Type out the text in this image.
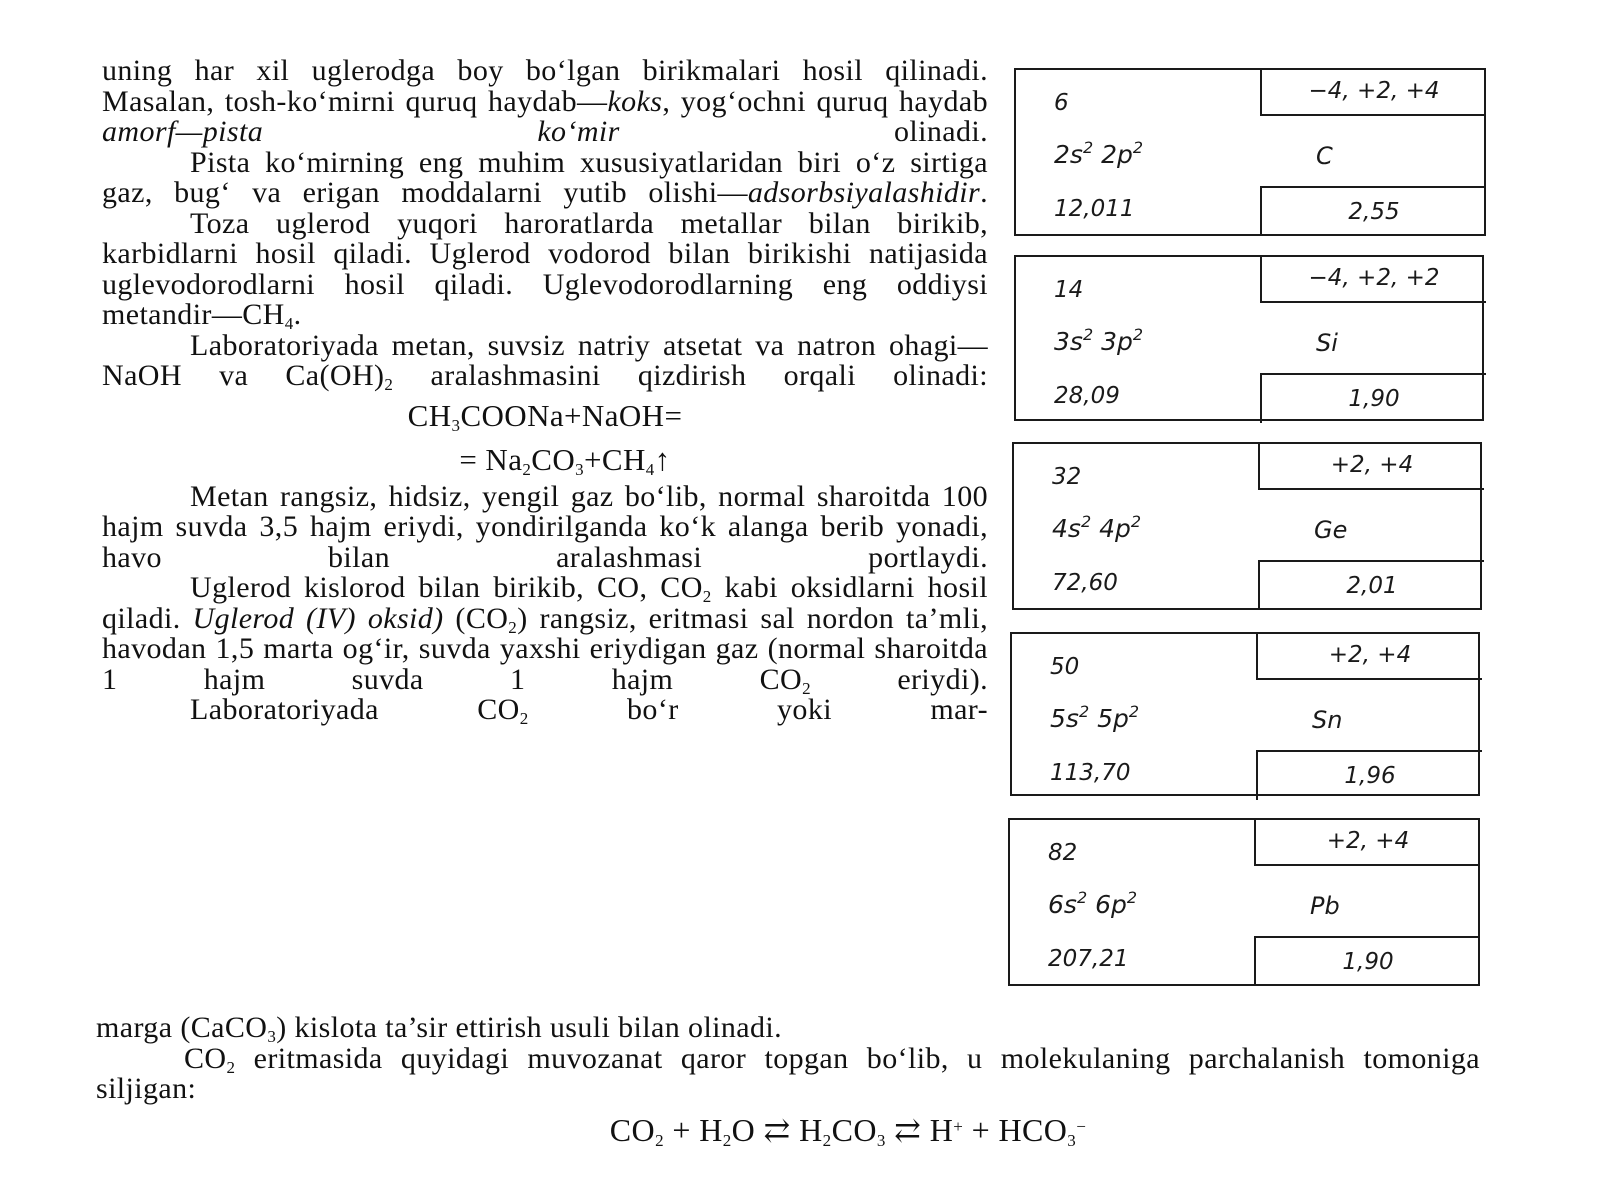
uning har xil uglerodga boy bo‘lgan birikmalari hosil qilinadi. Masalan, tosh-ko‘mirni quruq haydab—koks, yog‘ochni quruq haydab amorf—pista ko‘mir olinadi.

Pista ko‘mirning eng muhim xususiyatlaridan biri o‘z sirtiga gaz, bug‘ va erigan moddalarni yutib olishi—adsorbsiyalashidir.

Toza uglerod yuqori haroratlarda metallar bilan birikib, karbidlarni hosil qiladi. Uglerod vodorod bilan birikishi natijasida uglevodorodlarni hosil qiladi. Uglevodorodlarning eng oddiysi $metandir—CH_4$.

Laboratoriyada metan, suvsiz natriy atsetat va natron ohagi—NaOH va $Ca(OH)_2$ aralashmasini qizdirish orqali olinadi:

$CH_3COONa+NaOH=$
= $Na_2CO_3+CH_4↑$

Metan rangsiz, hidsiz, yengil gaz bo‘lib, normal sharoitda 100 hajm suvda 3,5 hajm eriydi, yondirilganda ko‘k alanga berib yonadi, havo bilan aralashmasi portlaydi.

Uglerod kislorod bilan birikib, CO, $CO_2$ kabi oksidlarni hosil qiladi. Uglerod (IV) oksid) $(CO_2)$ rangsiz, eritmasi sal nordon ta’mli, havodan 1,5 marta og‘ir, suvda yaxshi eriydigan gaz (normal sharoitda 1 hajm suvda 1 hajm $CO_2$ eriydi).

Laboratoriyada $CO_2$ bo‘r yoki mar-

6	−4, +2, +4
$2s^2$ $2p^2$	C
12,011	2,55
14	−4, +2, +2
$3s^2$ $3p^2$	Si
28,09	1,90
32	+2, +4
$4s^2$ $4p^2$	Ge
72,60	2,01
50	+2, +4
$5s^2$ $5p^2$	Sn
113,70	1,96
82	+2, +4
$6s^2$ $6p^2$	Pb
207,21	1,90

marga (CaCO$_3$) kislota ta’sir ettirish usuli bilan olinadi.

$CO_2$ eritmasida quyidagi muvozanat qaror topgan bo‘lib, u molekulaning parchalanish tomoniga siljigan:

$CO_2 + H_2O$ ⇄ $H_2CO_3$ ⇄ $H^+ + HCO_3^-$
